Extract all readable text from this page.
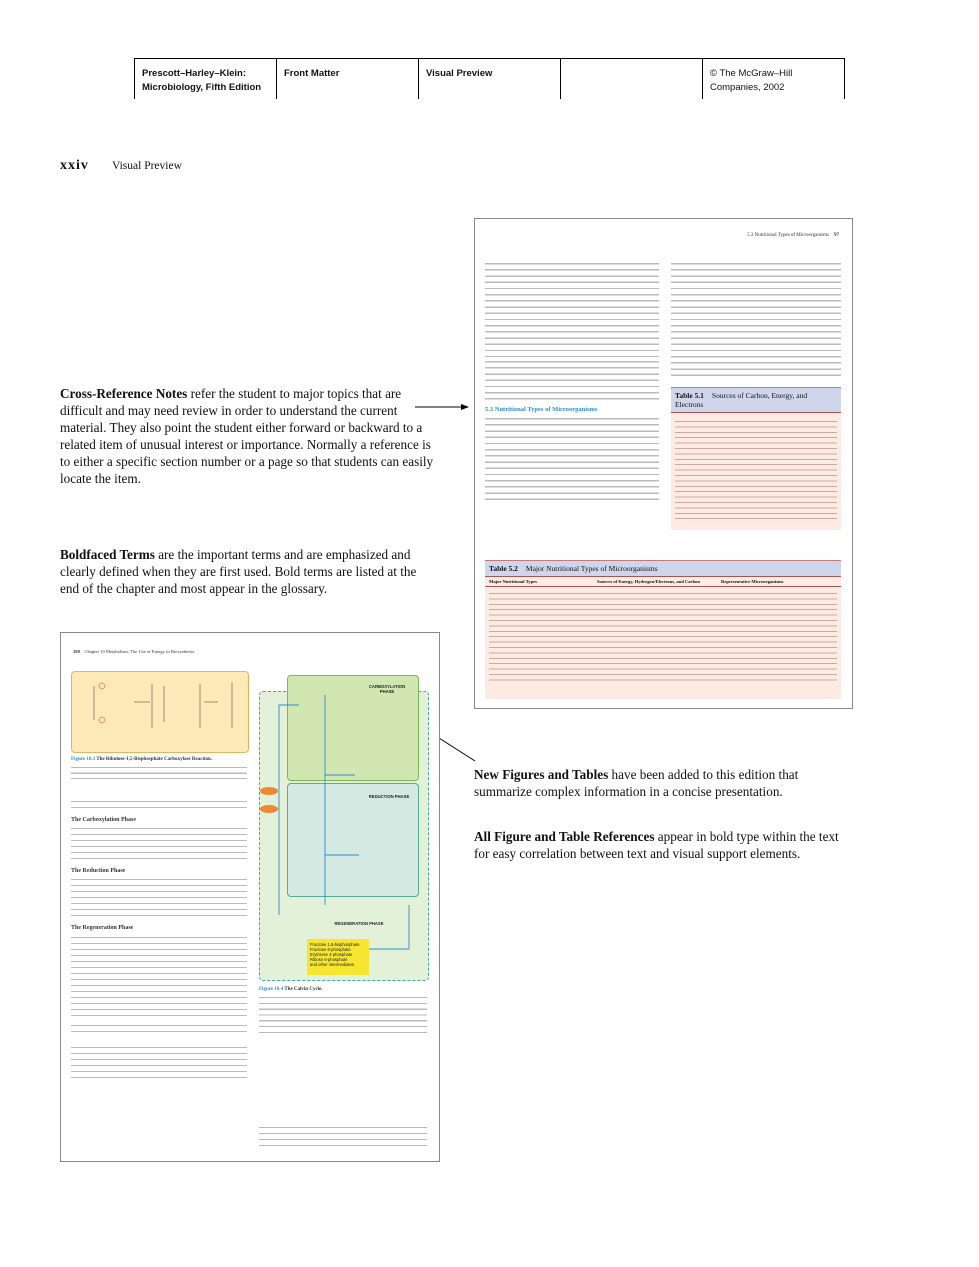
Prescott–Harley–Klein:
Microbiology, Fifth Edition
Front Matter	Visual Preview	© The McGraw–Hill
Companies, 2002
xxiv Visual Preview
Cross-Reference Notes refer the student to major topics that are difficult and may need review in order to understand the current material. They also point the student either forward or backward to a related item of unusual interest or importance. Normally a reference is to either a specific section number or a page so that students can easily locate the item.
Boldfaced Terms are the important terms and are emphasized and clearly defined when they are first used. Bold terms are listed at the end of the chapter and most appear in the glossary.
New Figures and Tables have been added to this edition that summarize complex information in a concise presentation.
All Figure and Table References appear in bold type within the text for easy correlation between text and visual support elements.
5.3 Nutritional Types of Microorganisms 97
5.3 Nutritional Types of Microorganisms
Table 5.1 Sources of Carbon, Energy, and Electrons
Table 5.2 Major Nutritional Types of Microorganisms
Major Nutritional Types	Sources of Energy, Hydrogen/Electrons, and Carbon	Representative Microorganisms
208 Chapter 10 Metabolism: The Use of Energy in Biosynthesis
Figure 10.3 The Ribulose-1,5-Bisphosphate Carboxylase Reaction.
The Carboxylation Phase
The Reduction Phase
The Regeneration Phase
CARBOXYLATION PHASE
REDUCTION PHASE
REGENERATION PHASE
Fructose 1,6-bisphosphate
Fructose 6-phosphate
Erythrose 4-phosphate
Ribose 5-phosphate
and other intermediates
Figure 10.4 The Calvin Cycle.
